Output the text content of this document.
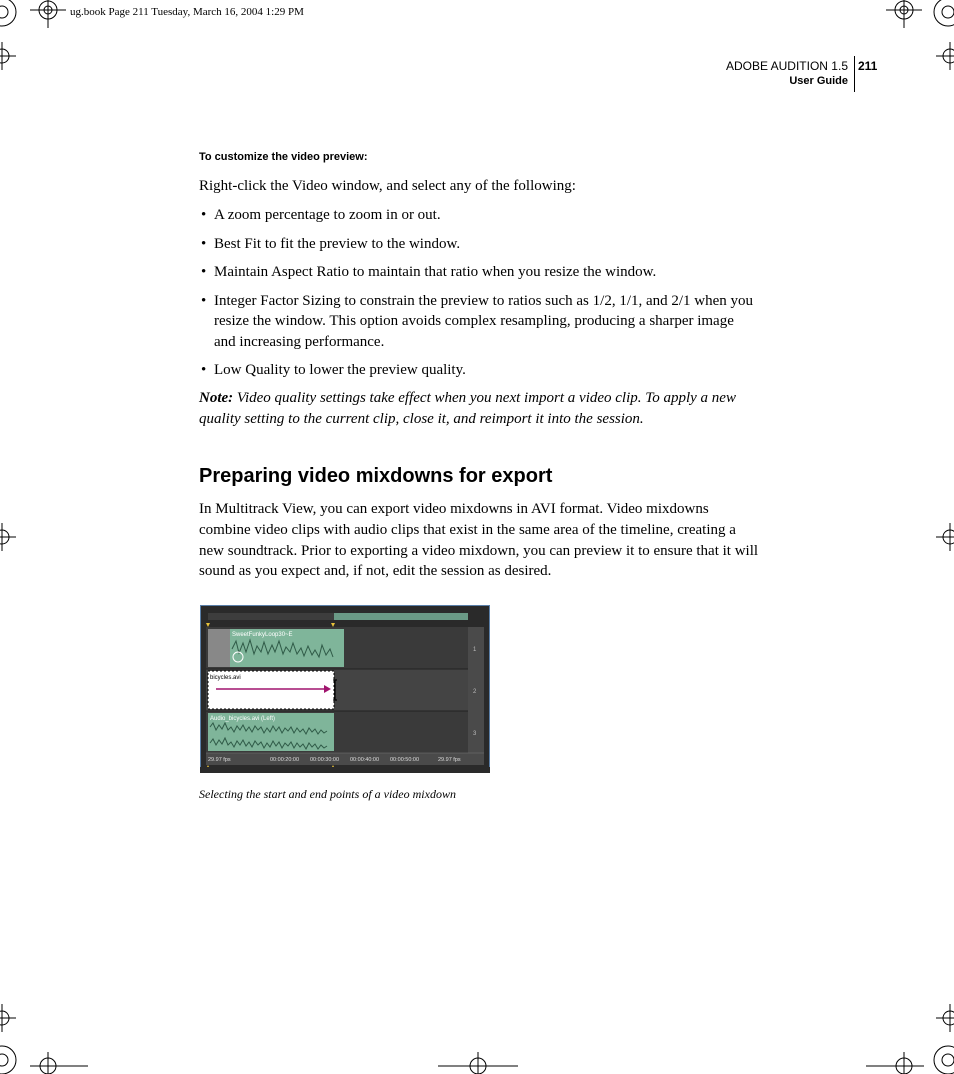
ug.book Page 211 Tuesday, March 16, 2004 1:29 PM
ADOBE AUDITION 1.5
User Guide
211
To customize the video preview:
Right-click the Video window, and select any of the following:
• A zoom percentage to zoom in or out.
• Best Fit to fit the preview to the window.
• Maintain Aspect Ratio to maintain that ratio when you resize the window.
• Integer Factor Sizing to constrain the preview to ratios such as 1/2, 1/1, and 2/1 when you resize the window. This option avoids complex resampling, producing a sharper image and increasing performance.
• Low Quality to lower the preview quality.
Note: Video quality settings take effect when you next import a video clip. To apply a new quality setting to the current clip, close it, and reimport it into the session.
Preparing video mixdowns for export
In Multitrack View, you can export video mixdowns in AVI format. Video mixdowns combine video clips with audio clips that exist in the same area of the timeline, creating a new soundtrack. Prior to exporting a video mixdown, you can preview it to ensure that it will sound as you expect and, if not, edit the session as desired.
1
2
3
SweetFunkyLoop30~E
bicycles.avi
Audio_bicycles.avi (Left)
29.97 fps	00:00:20:00 00:00:30:00 00:00:40:00 00:00:50:00	29.97 fps
Selecting the start and end points of a video mixdown
